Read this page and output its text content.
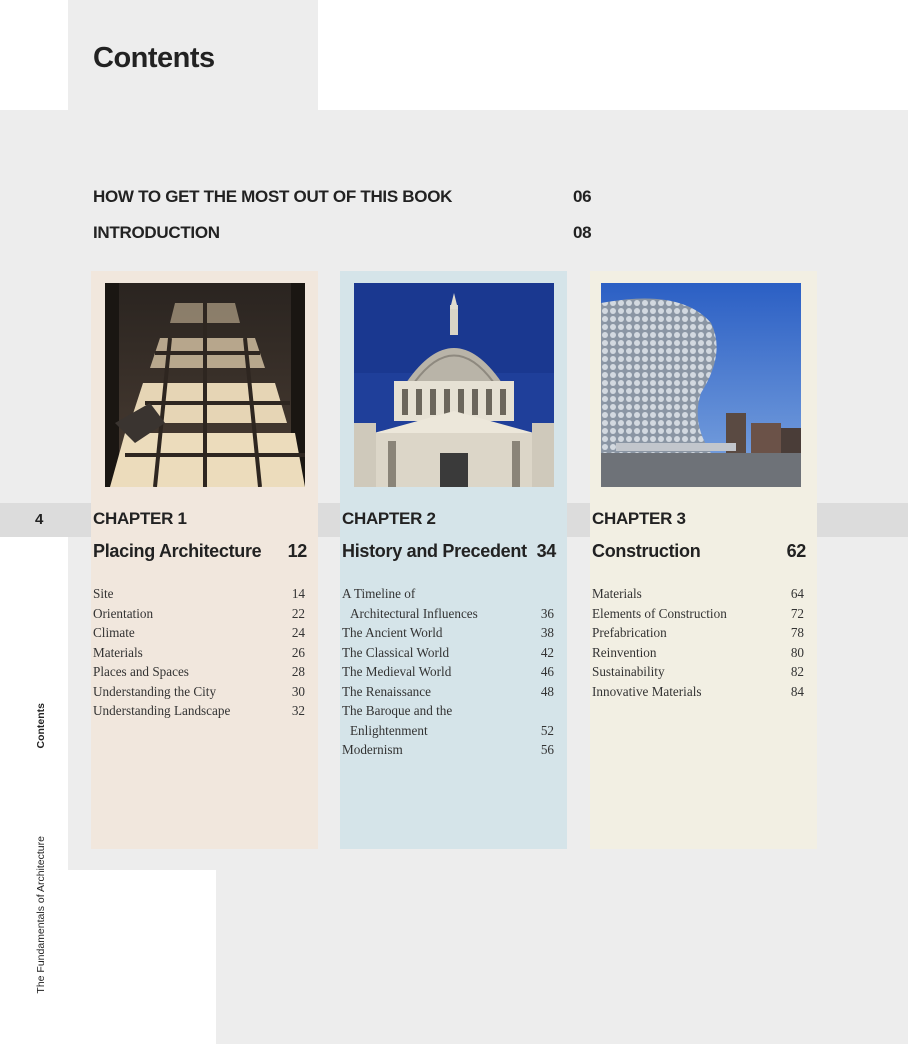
Contents
HOW TO GET THE MOST OUT OF THIS BOOK	06
INTRODUCTION	08
4
Contents
The Fundamentals of Architecture
CHAPTER 1
Placing Architecture 12
Site	14
Orientation	22
Climate	24
Materials	26
Places and Spaces	28
Understanding the City	30
Understanding Landscape	32
CHAPTER 2
History and Precedent 34
A Timeline of
Architectural Influences	36
The Ancient World	38
The Classical World	42
The Medieval World	46
The Renaissance	48
The Baroque and the
Enlightenment	52
Modernism	56
CHAPTER 3
Construction	62
Materials	64
Elements of Construction	72
Prefabrication	78
Reinvention	80
Sustainability	82
Innovative Materials	84
